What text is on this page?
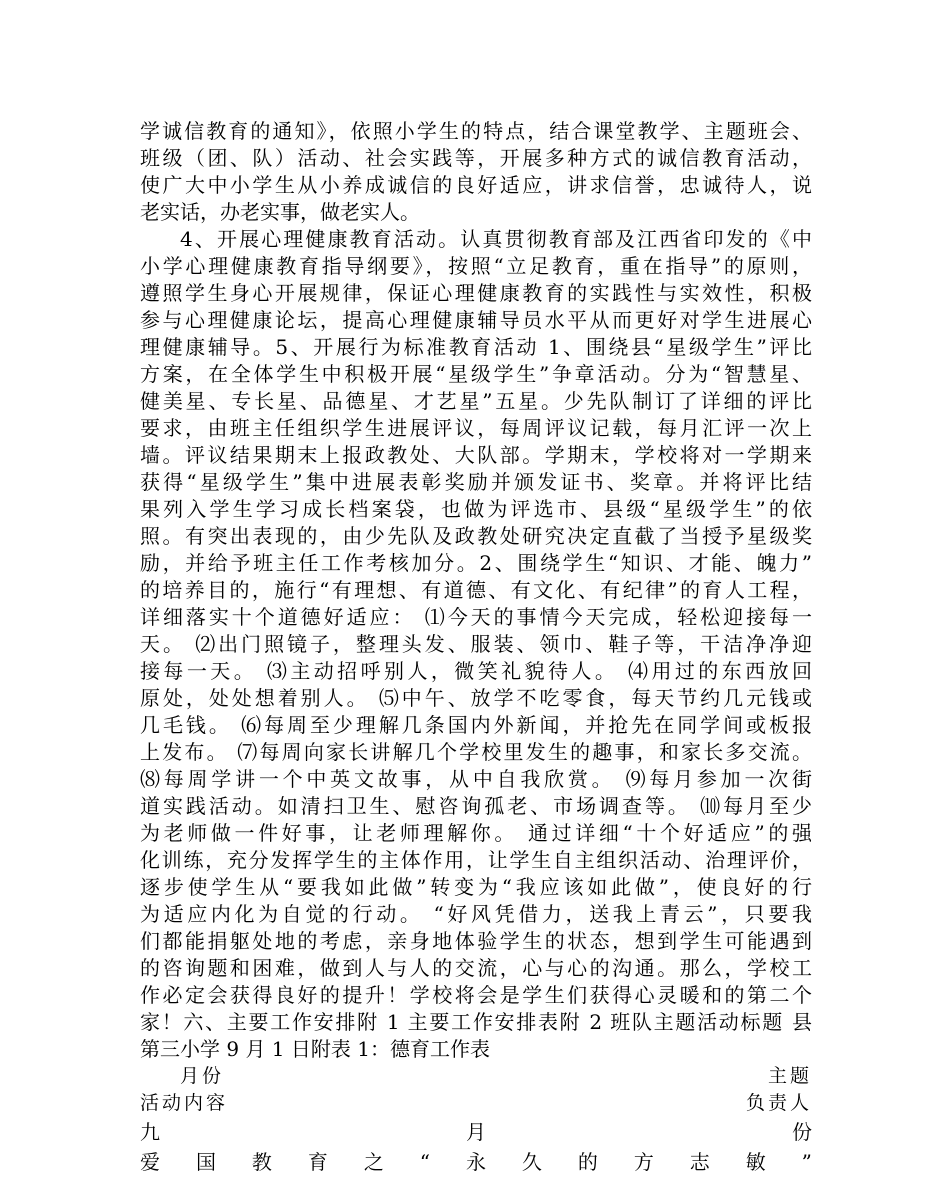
学诚信教育的通知》，依照小学生的特点，结合课堂教学、主题班会、
班级（团、队）活动、社会实践等，开展多种方式的诚信教育活动，
使广大中小学生从小养成诚信的良好适应，讲求信誉，忠诚待人，说
老实话，办老实事，做老实人。
4、开展心理健康教育活动。认真贯彻教育部及江西省印发的《中
小学心理健康教育指导纲要》，按照“立足教育，重在指导”的原则，
遵照学生身心开展规律，保证心理健康教育的实践性与实效性，积极
参与心理健康论坛，提高心理健康辅导员水平从而更好对学生进展心
理健康辅导。5、开展行为标准教育活动 1、围绕县“星级学生”评比
方案，在全体学生中积极开展“星级学生”争章活动。分为“智慧星、
健美星、专长星、品德星、才艺星”五星。少先队制订了详细的评比
要求，由班主任组织学生进展评议，每周评议记载，每月汇评一次上
墙。评议结果期末上报政教处、大队部。学期末，学校将对一学期来
获得“星级学生”集中进展表彰奖励并颁发证书、奖章。并将评比结
果列入学生学习成长档案袋，也做为评选市、县级“星级学生”的依
照。有突出表现的，由少先队及政教处研究决定直截了当授予星级奖
励，并给予班主任工作考核加分。2、围绕学生“知识、才能、魄力”
的培养目的，施行“有理想、有道德、有文化、有纪律”的育人工程，
详细落实十个道德好适应： ⑴今天的事情今天完成，轻松迎接每一
天。 ⑵出门照镜子，整理头发、服装、领巾、鞋子等，干洁净净迎
接每一天。 ⑶主动招呼别人，微笑礼貌待人。 ⑷用过的东西放回
原处，处处想着别人。 ⑸中午、放学不吃零食，每天节约几元钱或
几毛钱。 ⑹每周至少理解几条国内外新闻，并抢先在同学间或板报
上发布。 ⑺每周向家长讲解几个学校里发生的趣事，和家长多交流。
⑻每周学讲一个中英文故事，从中自我欣赏。 ⑼每月参加一次街
道实践活动。如清扫卫生、慰咨询孤老、市场调查等。 ⑽每月至少
为老师做一件好事，让老师理解你。 通过详细“十个好适应”的强
化训练，充分发挥学生的主体作用，让学生自主组织活动、治理评价，
逐步使学生从“要我如此做”转变为“我应该如此做”，使良好的行
为适应内化为自觉的行动。 “好风凭借力，送我上青云”，只要我
们都能捐躯处地的考虑，亲身地体验学生的状态，想到学生可能遇到
的咨询题和困难，做到人与人的交流，心与心的沟通。那么，学校工
作必定会获得良好的提升！学校将会是学生们获得心灵暖和的第二个
家！六、主要工作安排附 1 主要工作安排表附 2 班队主题活动标题 县
第三小学 9 月 1 日附表 1：德育工作表
月份	主题
活动内容	负责人
九	月	份
爱 国 教 育 之 “ 永 久 的 方 志 敏 ”
